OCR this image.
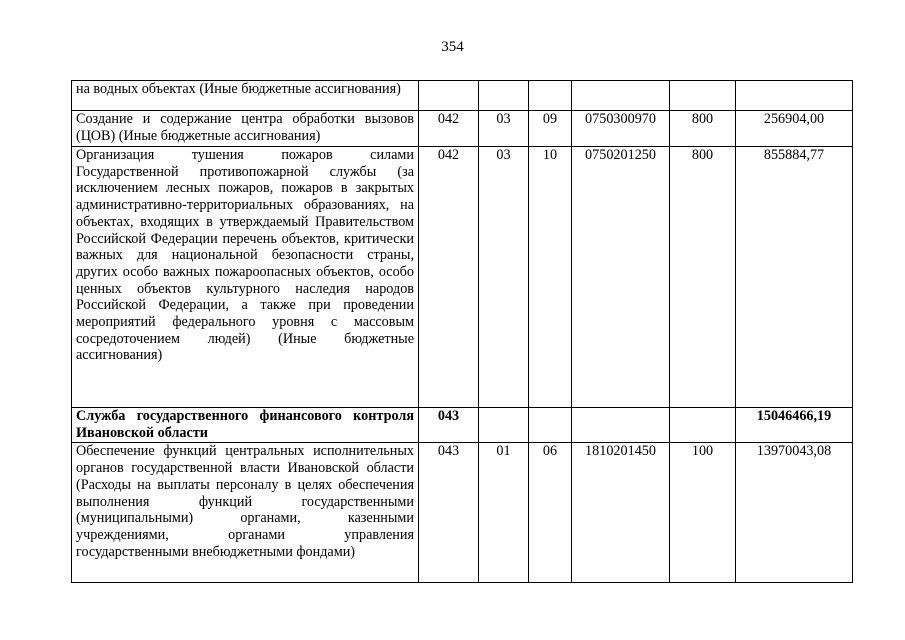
354
на водных объектах (Иные бюджетные ассигнования)						
Создание и содержание центра обработки вызовов (ЦОВ) (Иные бюджетные ассигнования)	042	03	09	0750300970	800	256904,00
Организация тушения пожаров силами Государственной противопожарной службы (за исключением лесных пожаров, пожаров в закрытых административно-территориальных образованиях, на объектах, входящих в утверждаемый Правительством Российской Федерации перечень объектов, критически важных для национальной безопасности страны, других особо важных пожароопасных объектов, особо ценных объектов культурного наследия народов Российской Федерации, а также при проведении мероприятий федерального уровня с массовым сосредоточением людей) (Иные бюджетные ассигнования)	042	03	10	0750201250	800	855884,77
Служба государственного финансового контроля Ивановской области	043					15046466,19
Обеспечение функций центральных исполнительных органов государственной власти Ивановской области (Расходы на выплаты персоналу в целях обеспечения выполнения функций государственными (муниципальными) органами, казенными учреждениями, органами управления государственными внебюджетными фондами)	043	01	06	1810201450	100	13970043,08
